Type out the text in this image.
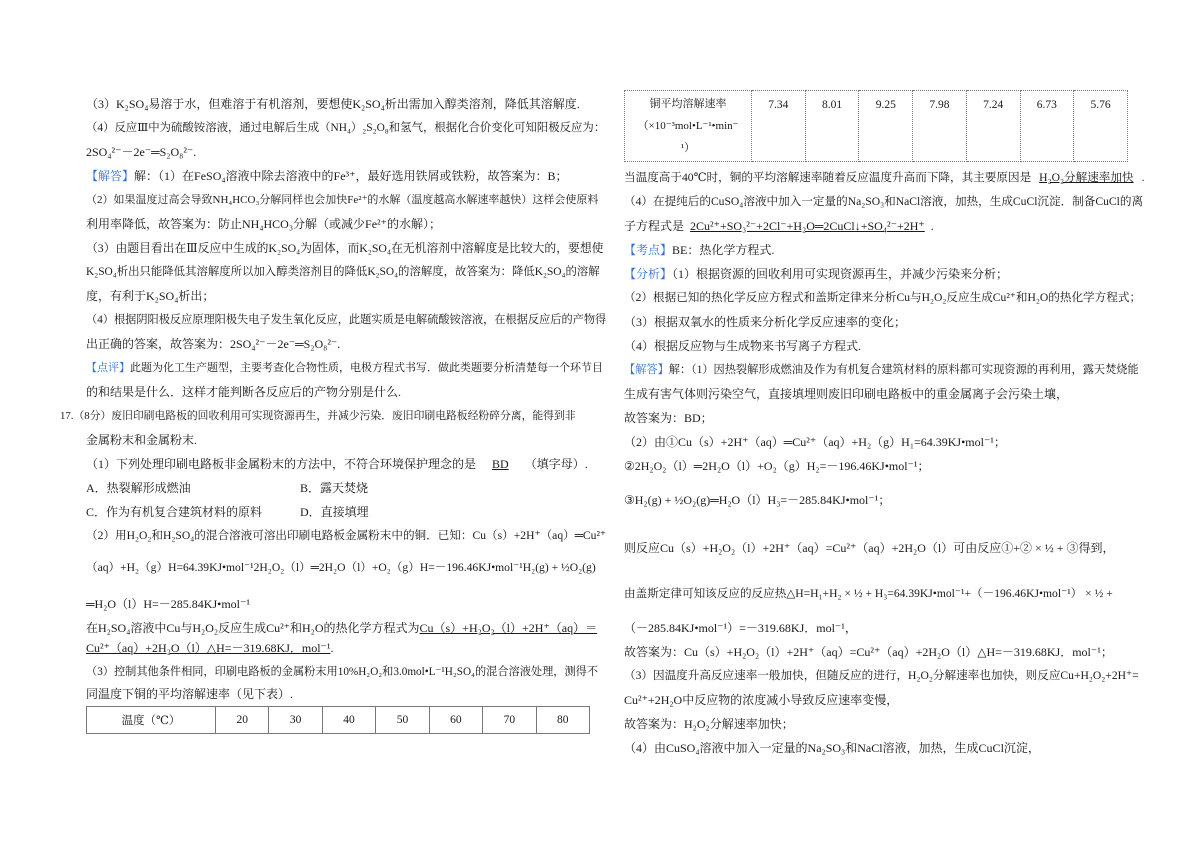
（3）K₂SO₄易溶于水，但难溶于有机溶剂，要想使K₂SO₄析出需加入醇类溶剂，降低其溶解度.
（4）反应Ⅲ中为硫酸铵溶液，通过电解后生成（NH₄）₂S₂O₈和氢气，根据化合价变化可知阳极反应为：
2SO₄²⁻－2e⁻═S₂O₈²⁻.
【解答】解：（1）在FeSO₄溶液中除去溶液中的Fe³⁺，最好选用铁屑或铁粉，故答案为：B；
（2）如果温度过高会导致NH₄HCO₃分解同样也会加快Fe²⁺的水解（温度越高水解速率越快）这样会使原料
利用率降低，故答案为：防止NH₄HCO₃分解（或减少Fe²⁺的水解）；
（3）由题目看出在Ⅲ反应中生成的K₂SO₄为固体，而K₂SO₄在无机溶剂中溶解度是比较大的，要想使
K₂SO₄析出只能降低其溶解度所以加入醇类溶剂目的降低K₂SO₄的溶解度，故答案为：降低K₂SO₄的溶解
度，有利于K₂SO₄析出；
（4）根据阴阳极反应原理阳极失电子发生氧化反应，此题实质是电解硫酸铵溶液，在根据反应后的产物得
出正确的答案，故答案为：2SO₄²⁻－2e⁻═S₂O₈²⁻.
【点评】此题为化工生产题型，主要考查化合物性质，电极方程式书写．做此类题要分析清楚每一个环节目
的和结果是什么．这样才能判断各反应后的产物分别是什么.
17.（8分）废旧印刷电路板的回收利用可实现资源再生，并减少污染．废旧印刷电路板经粉碎分离，能得到非
金属粉末和金属粉末.
（1）下列处理印刷电路板非金属粉末的方法中，不符合环境保护理念的是 BD （填字母）.
A．热裂解形成燃油	B．露天焚烧
C．作为有机复合建筑材料的原料	D．直接填埋
（2）用H₂O₂和H₂SO₄的混合溶液可溶出印刷电路板金属粉末中的铜．已知：Cu（s）+2H⁺（aq）═Cu²⁺
（aq）+H₂（g）H=64.39KJ•mol⁻¹2H₂O₂（l）═2H₂O（l）+O₂（g）H=－196.46KJ•mol⁻¹H₂(g) + ½O₂(g)
═H₂O（l）H=－285.84KJ•mol⁻¹
在H₂SO₄溶液中Cu与H₂O₂反应生成Cu²⁺和H₂O的热化学方程式为Cu（s）+H₂O₂（l）+2H⁺（aq）＝
Cu²⁺（aq）+2H₂O（l）△H=－319.68KJ．mol⁻¹.
（3）控制其他条件相同，印刷电路板的金属粉末用10%H₂O₂和3.0mol•L⁻¹H₂SO₄的混合溶液处理，测得不
同温度下铜的平均溶解速率（见下表）.
温度（℃）	20	30	40	50	60	70	80
铜平均溶解速率
（×10⁻³mol•L⁻¹•min⁻
¹）
	7.34	8.01	9.25	7.98	7.24	6.73	5.76
当温度高于40℃时，铜的平均溶解速率随着反应温度升高而下降，其主要原因是 H₂O₂分解速率加快 .
（4）在提纯后的CuSO₄溶液中加入一定量的Na₂SO₃和NaCl溶液，加热，生成CuCl沉淀．制备CuCl的离
子方程式是 2Cu²⁺+SO₃²⁻+2Cl⁻+H₂O═2CuCl↓+SO₄²⁻+2H⁺ .
【考点】BE：热化学方程式.
【分析】（1）根据资源的回收利用可实现资源再生，并减少污染来分析；
（2）根据已知的热化学反应方程式和盖斯定律来分析Cu与H₂O₂反应生成Cu²⁺和H₂O的热化学方程式；
（3）根据双氧水的性质来分析化学反应速率的变化；
（4）根据反应物与生成物来书写离子方程式.
【解答】解：（1）因热裂解形成燃油及作为有机复合建筑材料的原料都可实现资源的再利用，露天焚烧能
生成有害气体则污染空气，直接填埋则废旧印刷电路板中的重金属离子会污染土壤，
故答案为：BD；
（2）由①Cu（s）+2H⁺（aq）═Cu²⁺（aq）+H₂（g）H₁=64.39KJ•mol⁻¹；
②2H₂O₂（l）═2H₂O（l）+O₂（g）H₂=－196.46KJ•mol⁻¹；
③H₂(g) + ½O₂(g)═H₂O（l）H₃=－285.84KJ•mol⁻¹；
则反应Cu（s）+H₂O₂（l）+2H⁺（aq）=Cu²⁺（aq）+2H₂O（l）可由反应①+② × ½ + ③得到，
由盖斯定律可知该反应的反应热△H=H₁+H₂ × ½ + H₃=64.39KJ•mol⁻¹+（－196.46KJ•mol⁻¹） × ½ +
（－285.84KJ•mol⁻¹）=－319.68KJ．mol⁻¹，
故答案为：Cu（s）+H₂O₂（l）+2H⁺（aq）=Cu²⁺（aq）+2H₂O（l）△H=－319.68KJ．mol⁻¹；
（3）因温度升高反应速率一般加快，但随反应的进行，H₂O₂分解速率也加快，则反应Cu+H₂O₂+2H⁺=
Cu²⁺+2H₂O中反应物的浓度减小导致反应速率变慢，
故答案为：H₂O₂分解速率加快；
（4）由CuSO₄溶液中加入一定量的Na₂SO₃和NaCl溶液，加热，生成CuCl沉淀，
